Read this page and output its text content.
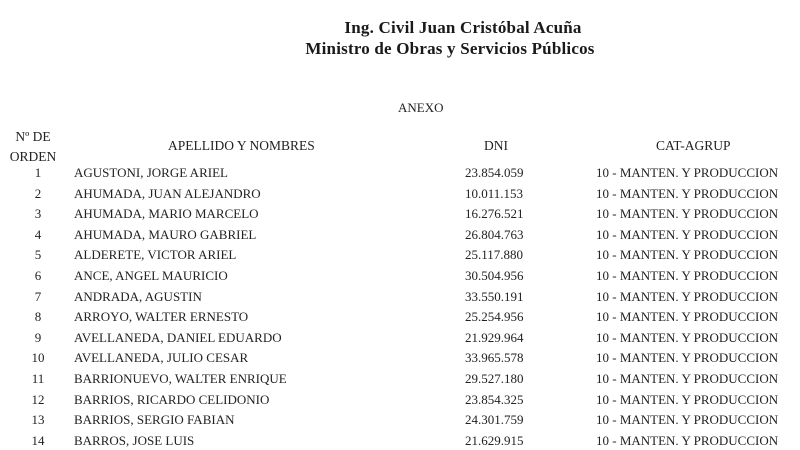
Ing. Civil Juan Cristóbal Acuña
Ministro de Obras y Servicios Públicos
ANEXO
Nº DE
ORDEN
APELLIDO Y NOMBRES	DNI	CAT-AGRUP
1	AGUSTONI, JORGE ARIEL	23.854.059	10 - MANTEN. Y PRODUCCION
2	AHUMADA, JUAN ALEJANDRO	10.011.153	10 - MANTEN. Y PRODUCCION
3	AHUMADA, MARIO MARCELO	16.276.521	10 - MANTEN. Y PRODUCCION
4	AHUMADA, MAURO GABRIEL	26.804.763	10 - MANTEN. Y PRODUCCION
5	ALDERETE, VICTOR ARIEL	25.117.880	10 - MANTEN. Y PRODUCCION
6	ANCE, ANGEL MAURICIO	30.504.956	10 - MANTEN. Y PRODUCCION
7	ANDRADA, AGUSTIN	33.550.191	10 - MANTEN. Y PRODUCCION
8	ARROYO, WALTER ERNESTO	25.254.956	10 - MANTEN. Y PRODUCCION
9	AVELLANEDA, DANIEL EDUARDO	21.929.964	10 - MANTEN. Y PRODUCCION
10	AVELLANEDA, JULIO CESAR	33.965.578	10 - MANTEN. Y PRODUCCION
11	BARRIONUEVO, WALTER ENRIQUE	29.527.180	10 - MANTEN. Y PRODUCCION
12	BARRIOS, RICARDO CELIDONIO	23.854.325	10 - MANTEN. Y PRODUCCION
13	BARRIOS, SERGIO FABIAN	24.301.759	10 - MANTEN. Y PRODUCCION
14	BARROS, JOSE LUIS	21.629.915	10 - MANTEN. Y PRODUCCION
